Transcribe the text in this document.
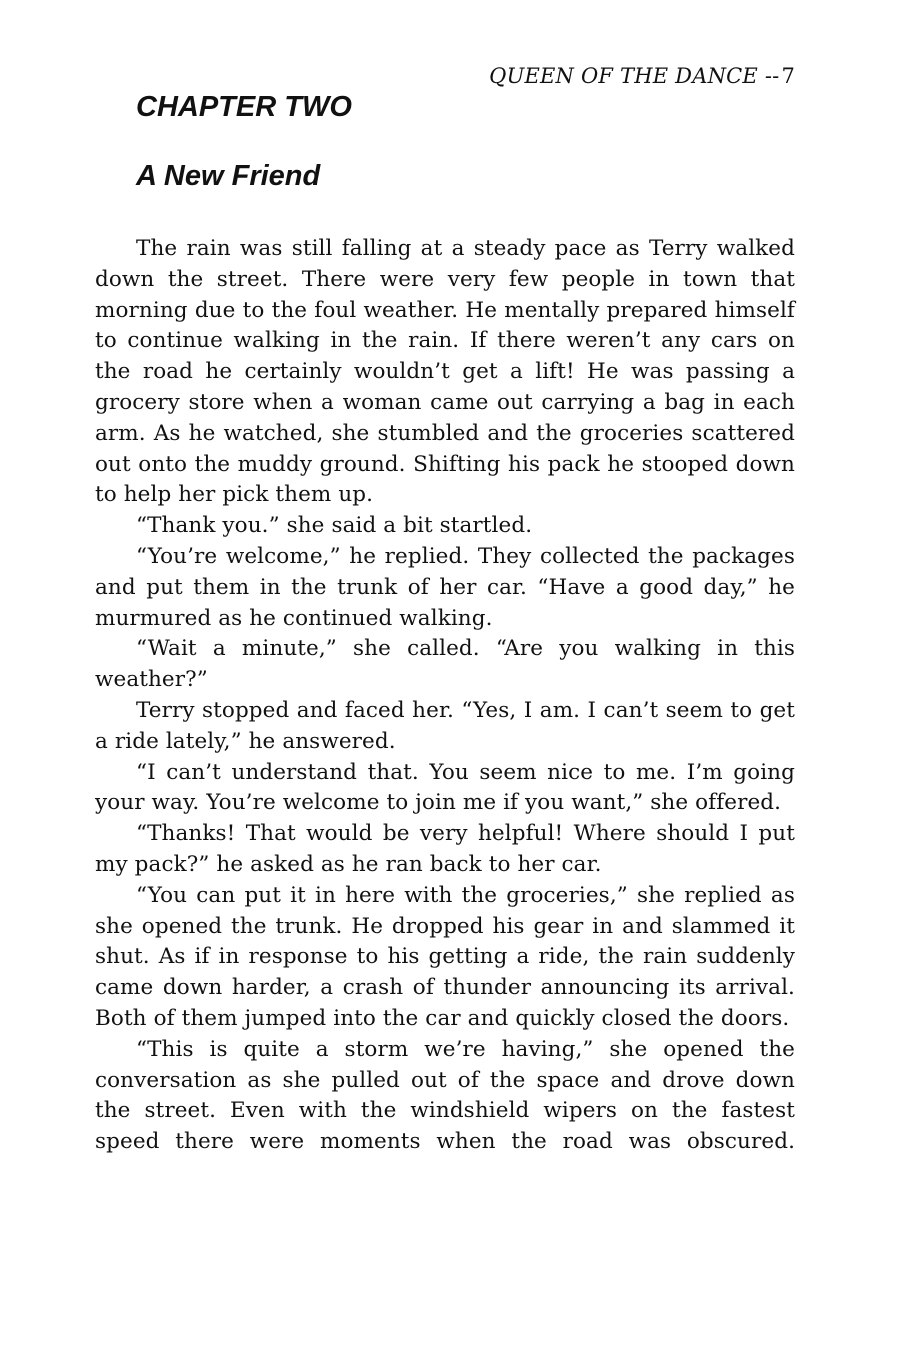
QUEEN OF THE DANCE --7
CHAPTER TWO
A New Friend

The rain was still falling at a steady pace as Terry walked down the street. There were very few people in town that morning due to the foul weather. He mentally prepared himself to continue walking in the rain. If there weren’t any cars on the road he certainly wouldn’t get a lift! He was passing a grocery store when a woman came out carrying a bag in each arm. As he watched, she stumbled and the groceries scattered out onto the muddy ground. Shifting his pack he stooped down to help her pick them up.

“Thank you.” she said a bit startled.

“You’re welcome,” he replied. They collected the packages and put them in the trunk of her car. “Have a good day,” he murmured as he continued walking.

“Wait a minute,” she called. “Are you walking in this weather?”

Terry stopped and faced her. “Yes, I am. I can’t seem to get a ride lately,” he answered.

“I can’t understand that. You seem nice to me. I’m going your way. You’re welcome to join me if you want,” she offered.

“Thanks! That would be very helpful! Where should I put my pack?” he asked as he ran back to her car.

“You can put it in here with the groceries,” she replied as she opened the trunk. He dropped his gear in and slammed it shut. As if in response to his getting a ride, the rain suddenly came down harder, a crash of thunder announcing its arrival. Both of them jumped into the car and quickly closed the doors.

“This is quite a storm we’re having,” she opened the conversation as she pulled out of the space and drove down the street. Even with the windshield wipers on the fastest speed there were moments when the road was obscured.
